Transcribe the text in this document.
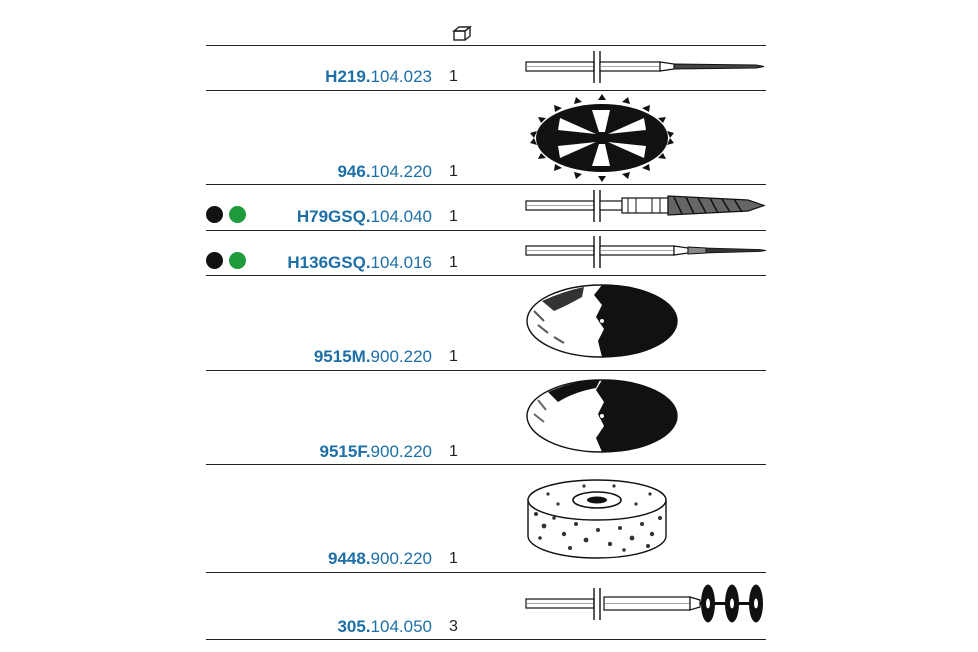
H219.104.023 1
946.104.220 1
H79GSQ.104.040 1
H136GSQ.104.016 1
9515M.900.220 1
9515F.900.220 1
9448.900.220 1
305.104.050 3
